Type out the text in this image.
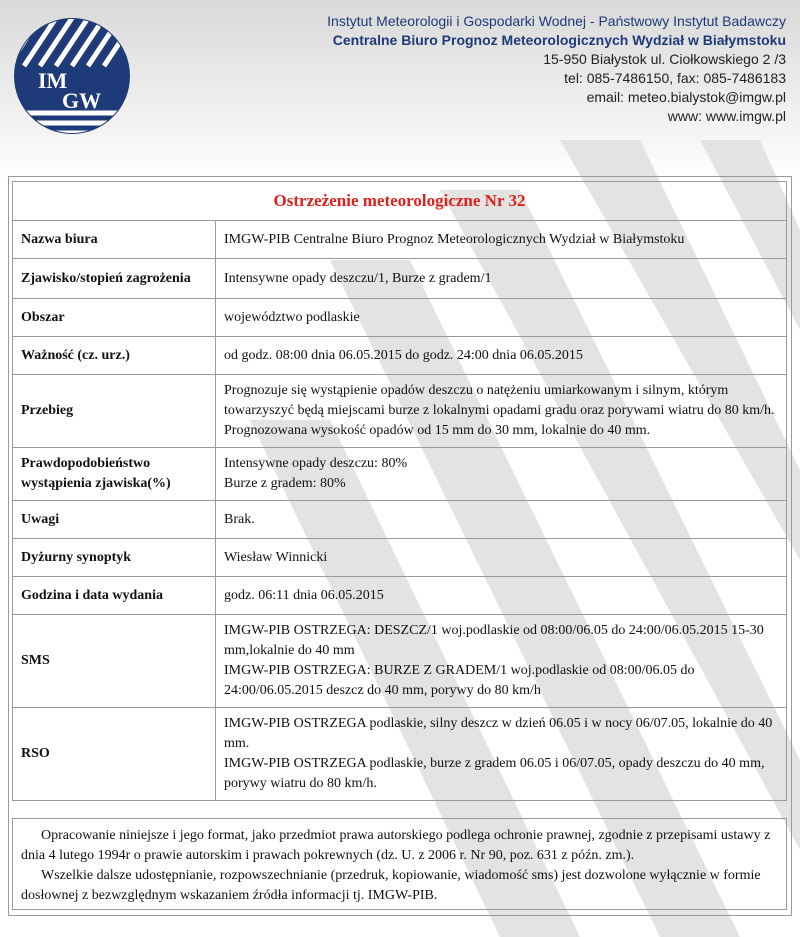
IM
GW
Instytut Meteorologii i Gospodarki Wodnej - Państwowy Instytut Badawczy
Centralne Biuro Prognoz Meteorologicznych Wydział w Białymstoku
15-950 Białystok ul. Ciołkowskiego 2 /3
tel: 085-7486150, fax: 085-7486183
email: meteo.bialystok@imgw.pl
www: www.imgw.pl
Ostrzeżenie meteorologiczne Nr 32	
Nazwa biura	IMGW-PIB Centralne Biuro Prognoz Meteorologicznych Wydział w Białymstoku

Zjawisko/stopień zagrożenia	Intensywne opady deszczu/1, Burze z gradem/1

Obszar	województwo podlaskie

Ważność (cz. urz.)	od godz. 08:00 dnia 06.05.2015 do godz. 24:00 dnia 06.05.2015

Przebieg	Prognozuje się wystąpienie opadów deszczu o natężeniu umiarkowanym i silnym, którym towarzyszyć będą miejscami burze z lokalnymi opadami gradu oraz porywami wiatru do 80 km/h. Prognozowana wysokość opadów od 15 mm do 30 mm, lokalnie do 40 mm.

Prawdopodobieństwo wystąpienia zjawiska(%)	Intensywne opady deszczu: 80%
Burze z gradem: 80%

Uwagi	Brak.

Dyżurny synoptyk	Wiesław Winnicki

Godzina i data wydania	godz. 06:11 dnia 06.05.2015

SMS	IMGW-PIB OSTRZEGA: DESZCZ/1 woj.podlaskie od 08:00/06.05 do 24:00/06.05.2015 15-30 mm,lokalnie do 40 mm
IMGW-PIB OSTRZEGA: BURZE Z GRADEM/1 woj.podlaskie od 08:00/06.05 do 24:00/06.05.2015 deszcz do 40 mm, porywy do 80 km/h

RSO	IMGW-PIB OSTRZEGA podlaskie, silny deszcz w dzień 06.05 i w nocy 06/07.05, lokalnie do 40 mm.
IMGW-PIB OSTRZEGA podlaskie, burze z gradem 06.05 i 06/07.05, opady deszczu do 40 mm, porywy wiatru do 80 km/h.

Opracowanie niniejsze i jego format, jako przedmiot prawa autorskiego podlega ochronie prawnej, zgodnie z przepisami ustawy z dnia 4 lutego 1994r o prawie autorskim i prawach pokrewnych (dz. U. z 2006 r. Nr 90, poz. 631 z późn. zm.).

Wszelkie dalsze udostępnianie, rozpowszechnianie (przedruk, kopiowanie, wiadomość sms) jest dozwolone wyłącznie w formie dosłownej z bezwzględnym wskazaniem źródła informacji tj. IMGW-PIB.
